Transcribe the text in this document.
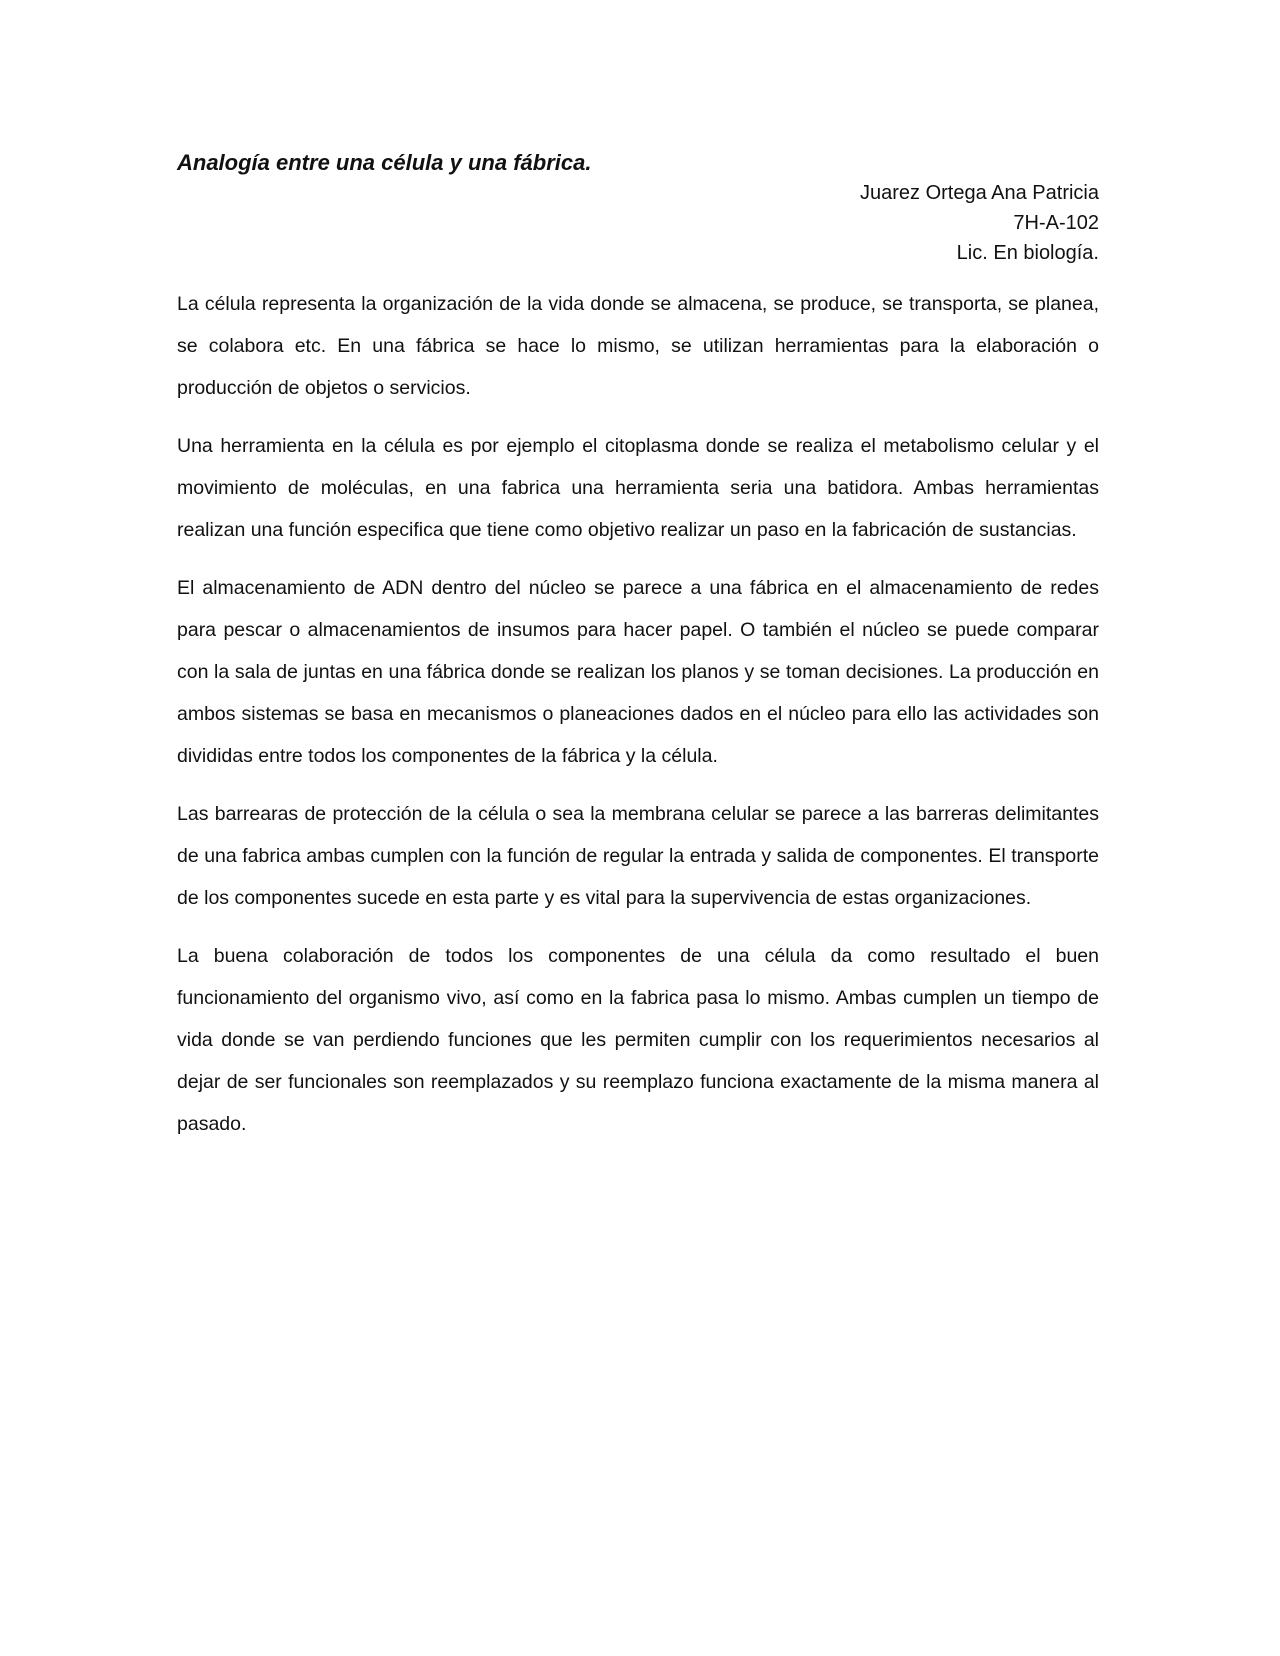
Analogía entre una célula y una fábrica.
Juarez Ortega Ana Patricia
7H-A-102
Lic. En biología.

La célula representa la organización de la vida donde se almacena, se produce, se transporta, se planea, se colabora etc. En una fábrica se hace lo mismo, se utilizan herramientas para la elaboración o producción de objetos o servicios.

Una herramienta en la célula es por ejemplo el citoplasma donde se realiza el metabolismo celular y el movimiento de moléculas, en una fabrica una herramienta seria una batidora. Ambas herramientas realizan una función especifica que tiene como objetivo realizar un paso en la fabricación de sustancias.

El almacenamiento de ADN dentro del núcleo se parece a una fábrica en el almacenamiento de redes para pescar o almacenamientos de insumos para hacer papel. O también el núcleo se puede comparar con la sala de juntas en una fábrica donde se realizan los planos y se toman decisiones. La producción en ambos sistemas se basa en mecanismos o planeaciones dados en el núcleo para ello las actividades son divididas entre todos los componentes de la fábrica y la célula.

Las barrearas de protección de la célula o sea la membrana celular se parece a las barreras delimitantes de una fabrica ambas cumplen con la función de regular la entrada y salida de componentes. El transporte de los componentes sucede en esta parte y es vital para la supervivencia de estas organizaciones.

La buena colaboración de todos los componentes de una célula da como resultado el buen funcionamiento del organismo vivo, así como en la fabrica pasa lo mismo. Ambas cumplen un tiempo de vida donde se van perdiendo funciones que les permiten cumplir con los requerimientos necesarios al dejar de ser funcionales son reemplazados y su reemplazo funciona exactamente de la misma manera al pasado.
